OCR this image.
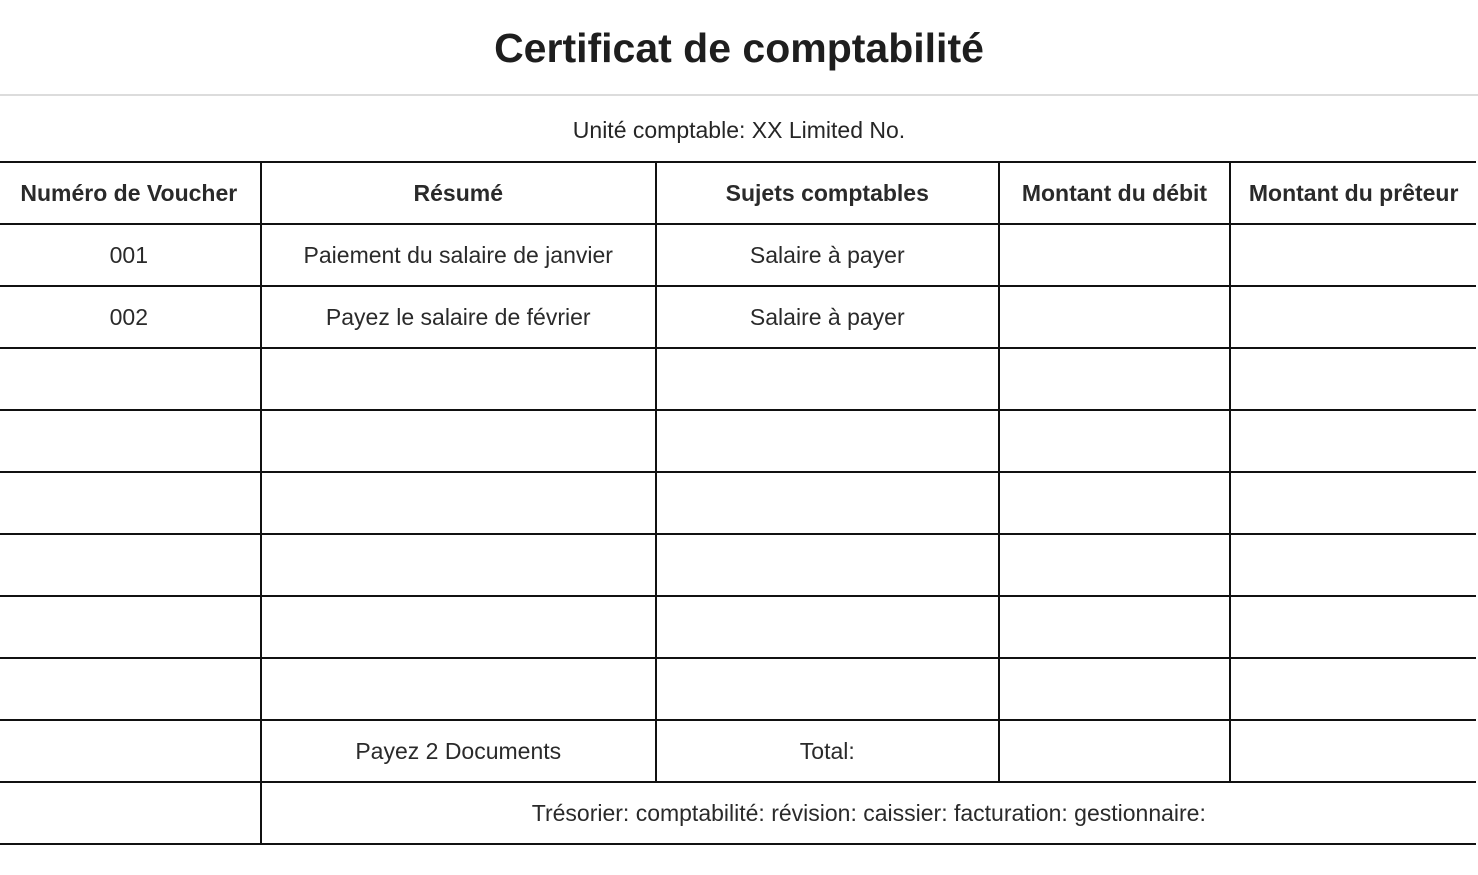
Certificat de comptabilité
Unité comptable: XX Limited No.
Numéro de Voucher	Résumé	Sujets comptables	Montant du débit	Montant du prêteur
001	Paiement du salaire de janvier	Salaire à payer		
002	Payez le salaire de février	Salaire à payer		

	Payez 2 Documents	Total:		
	Trésorier: comptabilité: révision: caissier: facturation: gestionnaire:			
